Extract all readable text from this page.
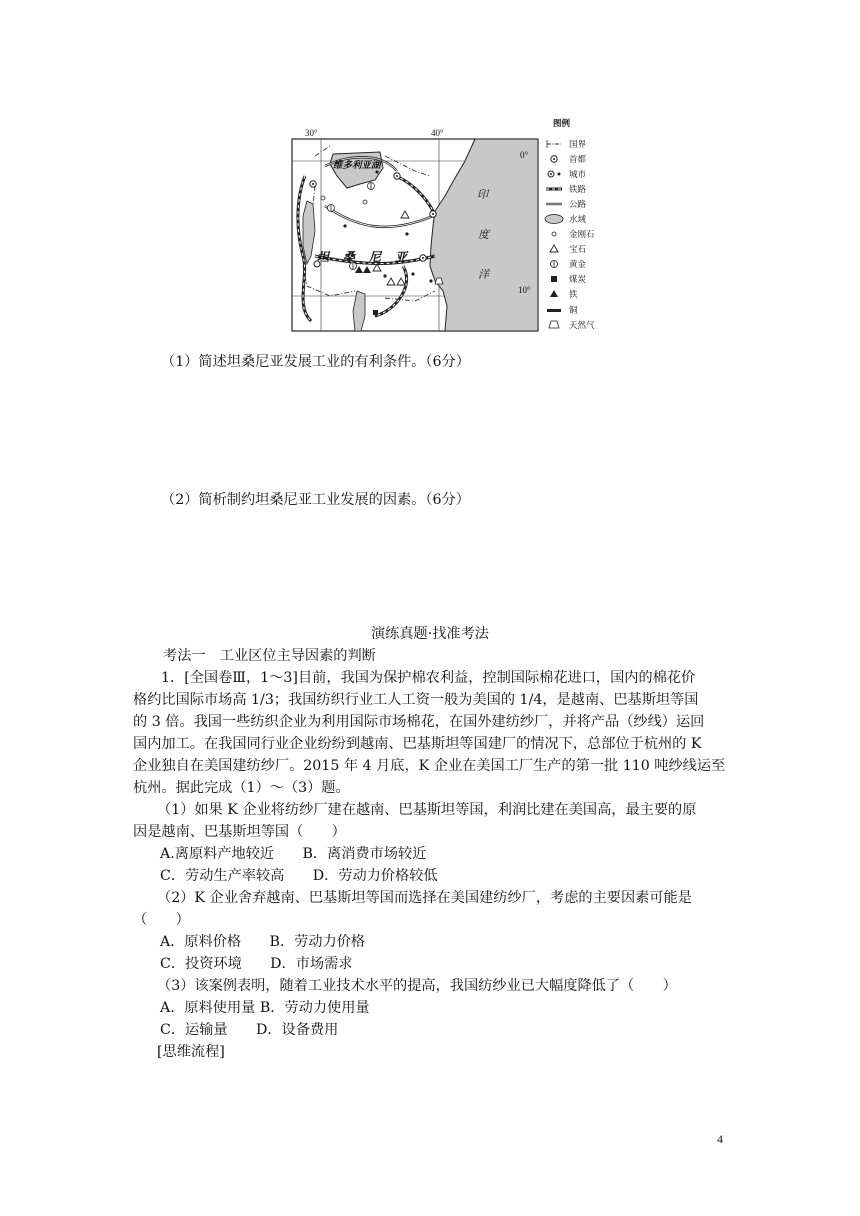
30°	40°
0°
10°
维多利亚湖
坦 桑 尼 亚
印
度
洋
图例
国界
首都
城市
铁路
公路
水域
金刚石
宝石
黄金
煤炭
铁
铜
天然气
（1）简述坦桑尼亚发展工业的有利条件。（6分）
（2）简析制约坦桑尼亚工业发展的因素。（6分）
演练真题·找准考法
考法一　工业区位主导因素的判断
1．[全国卷Ⅲ，1～3]目前，我国为保护棉农利益，控制国际棉花进口，国内的棉花价
格约比国际市场高 1/3；我国纺织行业工人工资一般为美国的 1/4，是越南、巴基斯坦等国
的 3 倍。我国一些纺织企业为利用国际市场棉花，在国外建纺纱厂，并将产品（纱线）运回
国内加工。在我国同行业企业纷纷到越南、巴基斯坦等国建厂的情况下，总部位于杭州的 K
企业独自在美国建纺纱厂。2015 年 4 月底，K 企业在美国工厂生产的第一批 110 吨纱线运至
杭州。据此完成（1）～（3）题。
（1）如果 K 企业将纺纱厂建在越南、巴基斯坦等国，利润比建在美国高，最主要的原
因是越南、巴基斯坦等国（　　）
A.离原料产地较近　　B．离消费市场较近
C．劳动生产率较高　　D．劳动力价格较低
（2）K 企业舍弃越南、巴基斯坦等国而选择在美国建纺纱厂，考虑的主要因素可能是
（　　）
A．原料价格　　B．劳动力价格
C．投资环境　　D．市场需求
（3）该案例表明，随着工业技术水平的提高，我国纺纱业已大幅度降低了（　　）
A．原料使用量 B．劳动力使用量
C．运输量　　D．设备费用
[思维流程]
4
